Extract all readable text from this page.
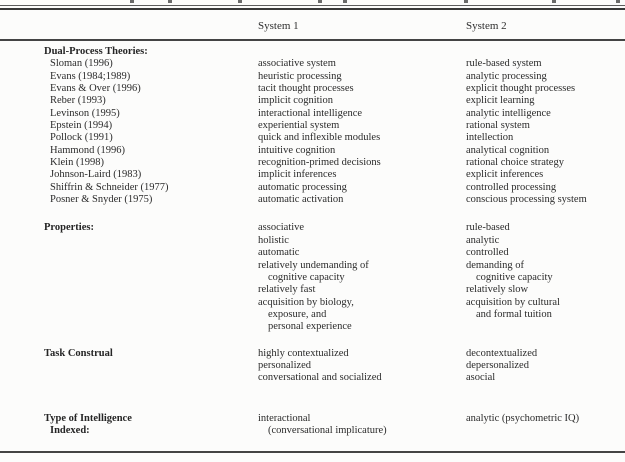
System 1	System 2
Dual-Process Theories:
Sloman (1996)	associative system	rule-based system
Evans (1984;1989)	heuristic processing	analytic processing
Evans & Over (1996)	tacit thought processes	explicit thought processes
Reber (1993)	implicit cognition	explicit learning
Levinson (1995)	interactional intelligence	analytic intelligence
Epstein (1994)	experiential system	rational system
Pollock (1991)	quick and inflexible modules	intellection
Hammond (1996)	intuitive cognition	analytical cognition
Klein (1998)	recognition-primed decisions	rational choice strategy
Johnson-Laird (1983)	implicit inferences	explicit inferences
Shiffrin & Schneider (1977)	automatic processing	controlled processing
Posner & Snyder (1975)	automatic activation	conscious processing system
Properties:	associative	rule-based
holistic	analytic
automatic	controlled
relatively undemanding of	demanding of
cognitive capacity	cognitive capacity
relatively fast	relatively slow
acquisition by biology,	acquisition by cultural
exposure, and	and formal tuition
personal experience
Task Construal	highly contextualized	decontextualized
personalized	depersonalized
conversational and socialized	asocial
Type of Intelligence	interactional	analytic (psychometric IQ)
Indexed:	(conversational implicature)
